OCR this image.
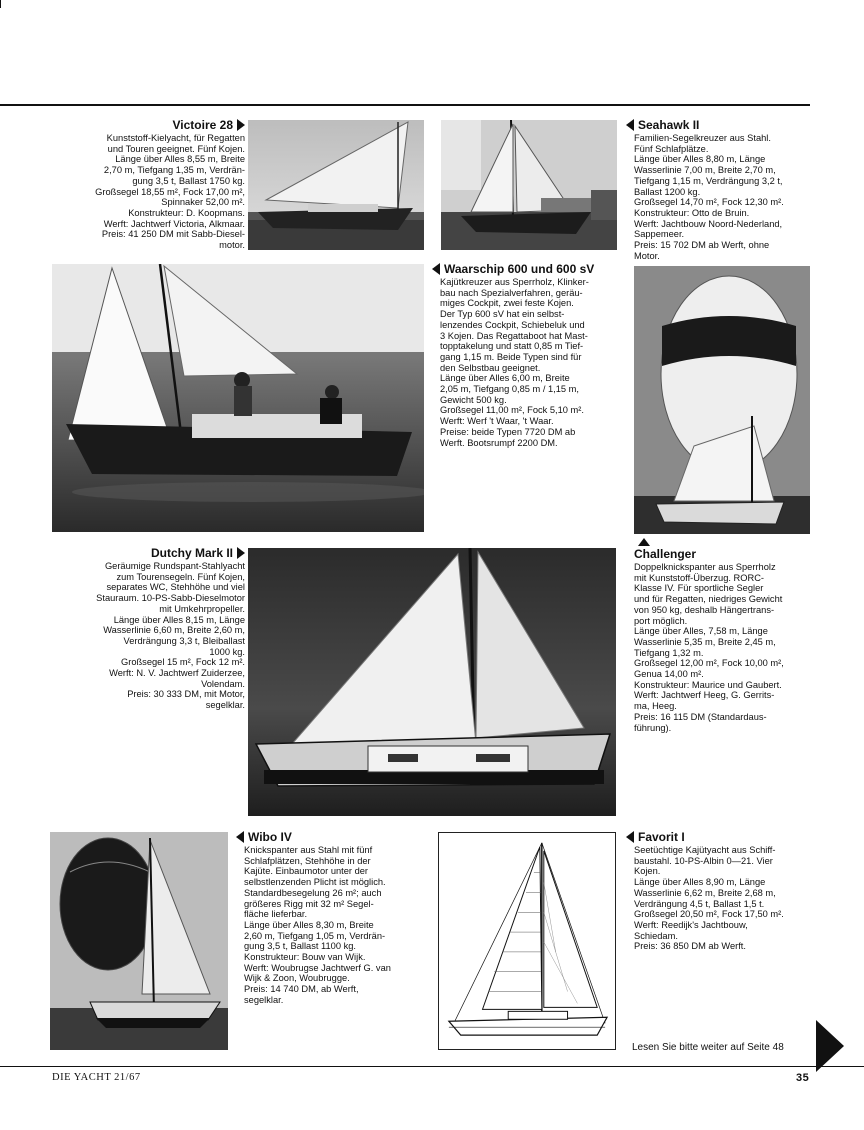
Victoire 28
Kunststoff-Kielyacht, für Regatten
und Touren geeignet. Fünf Kojen.
Länge über Alles 8,55 m, Breite
2,70 m, Tiefgang 1,35 m, Verdrän-
gung 3,5 t, Ballast 1750 kg.
Großsegel 18,55 m², Fock 17,00 m²,
Spinnaker 52,00 m².
Konstrukteur: D. Koopmans.
Werft: Jachtwerf Victoria, Alkmaar.
Preis: 41 250 DM mit Sabb-Diesel-
motor.
Seahawk II
Familien-Segelkreuzer aus Stahl.
Fünf Schlafplätze.
Länge über Alles 8,80 m, Länge
Wasserlinie 7,00 m, Breite 2,70 m,
Tiefgang 1,15 m, Verdrängung 3,2 t,
Ballast 1200 kg.
Großsegel 14,70 m², Fock 12,30 m².
Konstrukteur: Otto de Bruin.
Werft: Jachtbouw Noord-Nederland,
Sappemeer.
Preis: 15 702 DM ab Werft, ohne
Motor.
Waarschip 600 und 600 sV
Kajütkreuzer aus Sperrholz, Klinker-
bau nach Spezialverfahren, geräu-
miges Cockpit, zwei feste Kojen.
Der Typ 600 sV hat ein selbst-
lenzendes Cockpit, Schiebeluk und
3 Kojen. Das Regattaboot hat Mast-
topptakelung und statt 0,85 m Tief-
gang 1,15 m. Beide Typen sind für
den Selbstbau geeignet.
Länge über Alles 6,00 m, Breite
2,05 m, Tiefgang 0,85 m / 1,15 m,
Gewicht 500 kg.
Großsegel 11,00 m², Fock 5,10 m².
Werft: Werf 't Waar, 't Waar.
Preise: beide Typen 7720 DM ab
Werft. Bootsrumpf 2200 DM.
Challenger
Doppelknickspanter aus Sperrholz
mit Kunststoff-Überzug. RORC-
Klasse IV. Für sportliche Segler
und für Regatten, niedriges Gewicht
von 950 kg, deshalb Hängertrans-
port möglich.
Länge über Alles, 7,58 m, Länge
Wasserlinie 5,35 m, Breite 2,45 m,
Tiefgang 1,32 m.
Großsegel 12,00 m², Fock 10,00 m²,
Genua 14,00 m².
Konstrukteur: Maurice und Gaubert.
Werft: Jachtwerf Heeg, G. Gerrits-
ma, Heeg.
Preis: 16 115 DM (Standardaus-
führung).
Dutchy Mark II
Geräumige Rundspant-Stahlyacht
zum Tourensegeln. Fünf Kojen,
separates WC, Stehhöhe und viel
Stauraum. 10-PS-Sabb-Dieselmotor
mit Umkehrpropeller.
Länge über Alles 8,15 m, Länge
Wasserlinie 6,60 m, Breite 2,60 m,
Verdrängung 3,3 t, Bleiballast
1000 kg.
Großsegel 15 m², Fock 12 m².
Werft: N. V. Jachtwerf Zuiderzee,
Volendam.
Preis: 30 333 DM, mit Motor,
segelklar.
Wibo IV
Knickspanter aus Stahl mit fünf
Schlafplätzen, Stehhöhe in der
Kajüte. Einbaumotor unter der
selbstlenzenden Plicht ist möglich.
Standardbesegelung 26 m²; auch
größeres Rigg mit 32 m² Segel-
fläche lieferbar.
Länge über Alles 8,30 m, Breite
2,60 m, Tiefgang 1,05 m, Verdrän-
gung 3,5 t, Ballast 1100 kg.
Konstrukteur: Bouw van Wijk.
Werft: Woubrugse Jachtwerf G. van
Wijk & Zoon, Woubrugge.
Preis: 14 740 DM, ab Werft,
segelklar.
Favorit I
Seetüchtige Kajütyacht aus Schiff-
baustahl. 10-PS-Albin 0—21. Vier
Kojen.
Länge über Alles 8,90 m, Länge
Wasserlinie 6,62 m, Breite 2,68 m,
Verdrängung 4,5 t, Ballast 1,5 t.
Großsegel 20,50 m², Fock 17,50 m².
Werft: Reedijk's Jachtbouw,
Schiedam.
Preis: 36 850 DM ab Werft.
Lesen Sie bitte weiter auf Seite 48
DIE YACHT 21/67	35
